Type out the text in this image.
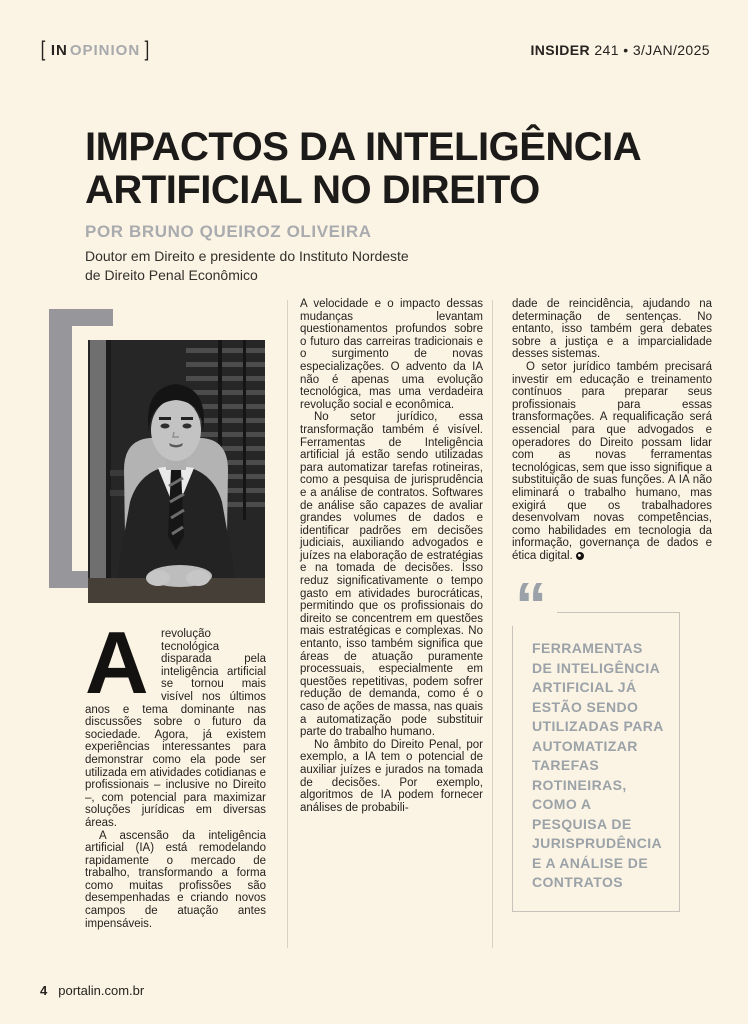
[ IN OPINION ]	INSIDER 241 • 3/JAN/2025
IMPACTOS DA INTELIGÊNCIA
ARTIFICIAL NO DIREITO
POR BRUNO QUEIROZ OLIVEIRA
Doutor em Direito e presidente do Instituto Nordeste
de Direito Penal Econômico

A	revolução tecnológica disparada pela inteligência artificial se tornou mais visível nos últimos anos e tema dominante nas discussões sobre o futuro da sociedade. Agora, já existem experiências interessantes para demonstrar como ela pode ser utilizada em atividades cotidianas e profissionais – inclusive no Direito –, com potencial para maximizar soluções jurídicas em diversas áreas.

A ascensão da inteligência artificial (IA) está remodelando rapidamente o mercado de trabalho, transformando a forma como muitas profissões são desempenhadas e criando novos campos de atuação antes impensáveis.

A velocidade e o impacto dessas mudanças levantam questionamentos profundos sobre o futuro das carreiras tradicionais e o surgimento de novas especializações. O advento da IA não é apenas uma evolução tecnológica, mas uma verdadeira revolução social e econômica.

No setor jurídico, essa transformação também é visível. Ferramentas de Inteligência artificial já estão sendo utilizadas para automatizar tarefas rotineiras, como a pesquisa de jurisprudência e a análise de contratos. Softwares de análise são capazes de avaliar grandes volumes de dados e identificar padrões em decisões judiciais, auxiliando advogados e juízes na elaboração de estratégias e na tomada de decisões. Isso reduz significativamente o tempo gasto em atividades burocráticas, permitindo que os profissionais do direito se concentrem em questões mais estratégicas e complexas. No entanto, isso também significa que áreas de atuação puramente processuais, especialmente em questões repetitivas, podem sofrer redução de demanda, como é o caso de ações de massa, nas quais a automatização pode substituir parte do trabalho humano.

No âmbito do Direito Penal, por exemplo, a IA tem o potencial de auxiliar juízes e jurados na tomada de decisões. Por exemplo, algoritmos de IA podem fornecer análises de probabili-

dade de reincidência, ajudando na determinação de sentenças. No entanto, isso também gera debates sobre a justiça e a imparcialidade desses sistemas.

O setor jurídico também precisará investir em educação e treinamento contínuos para preparar seus profissionais para essas transformações. A requalificação será essencial para que advogados e operadores do Direito possam lidar com as novas ferramentas tecnológicas, sem que isso signifique a substituição de suas funções. A IA não eliminará o trabalho humano, mas exigirá que os trabalhadores desenvolvam novas competências, como habilidades em tecnologia da informação, governança de dados e ética digital.

“
FERRAMENTAS DE INTELIGÊNCIA ARTIFICIAL JÁ ESTÃO SENDO UTILIZADAS PARA AUTOMATIZAR TAREFAS ROTINEIRAS, COMO A PESQUISA DE JURISPRUDÊNCIA E A ANÁLISE DE CONTRATOS
4 portalin.com.br
